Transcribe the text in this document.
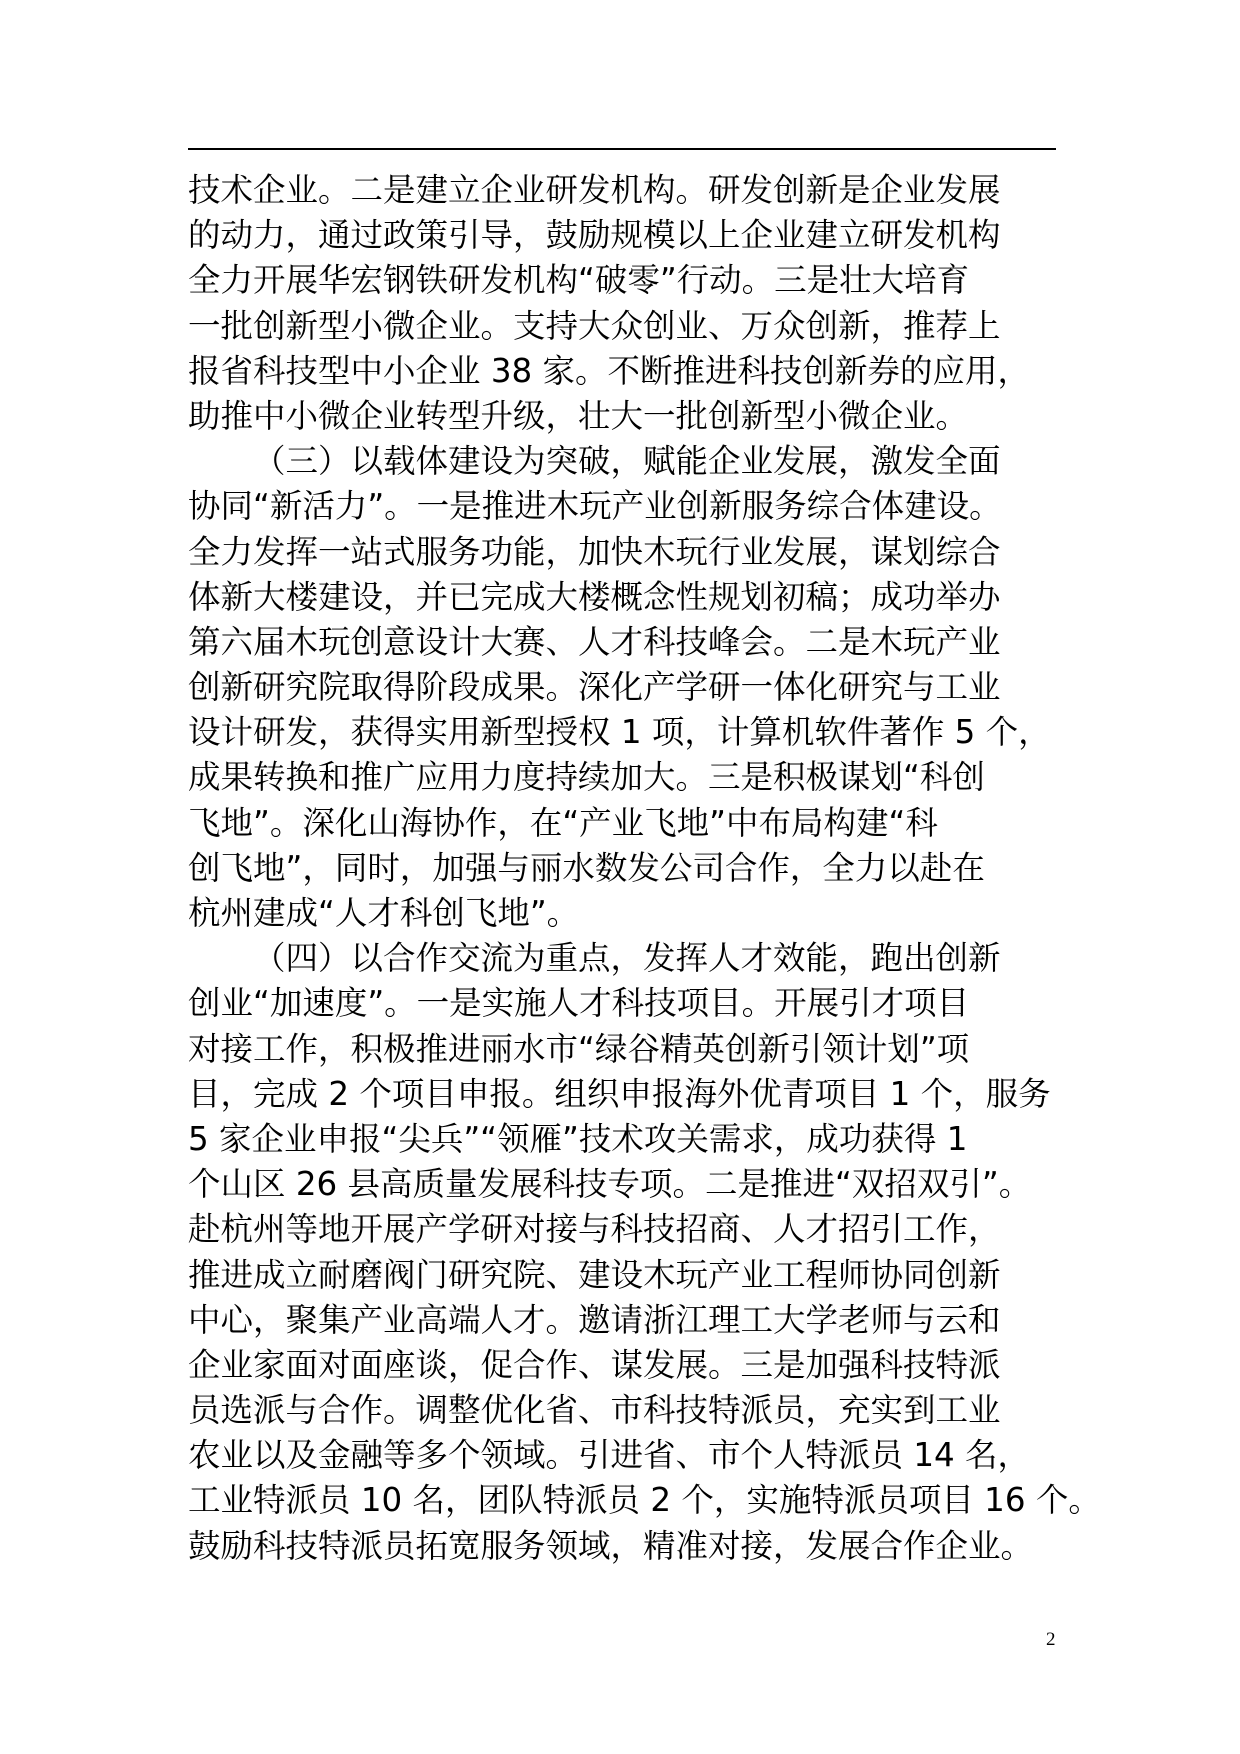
技术企业。二是建立企业研发机构。研发创新是企业发展
的动力，通过政策引导，鼓励规模以上企业建立研发机构
全力开展华宏钢铁研发机构“破零”行动。三是壮大培育
一批创新型小微企业。支持大众创业、万众创新，推荐上
报省科技型中小企业 38 家。不断推进科技创新券的应用，
助推中小微企业转型升级，壮大一批创新型小微企业。
（三）以载体建设为突破，赋能企业发展，激发全面
协同“新活力”。一是推进木玩产业创新服务综合体建设。
全力发挥一站式服务功能，加快木玩行业发展，谋划综合
体新大楼建设，并已完成大楼概念性规划初稿；成功举办
第六届木玩创意设计大赛、人才科技峰会。二是木玩产业
创新研究院取得阶段成果。深化产学研一体化研究与工业
设计研发，获得实用新型授权 1 项，计算机软件著作 5 个，
成果转换和推广应用力度持续加大。三是积极谋划“科创
飞地”。深化山海协作，在“产业飞地”中布局构建“科
创飞地”，同时，加强与丽水数发公司合作，全力以赴在
杭州建成“人才科创飞地”。
（四）以合作交流为重点，发挥人才效能，跑出创新
创业“加速度”。一是实施人才科技项目。开展引才项目
对接工作，积极推进丽水市“绿谷精英创新引领计划”项
目，完成 2 个项目申报。组织申报海外优青项目 1 个，服务
5 家企业申报“尖兵”“领雁”技术攻关需求，成功获得 1
个山区 26 县高质量发展科技专项。二是推进“双招双引”。
赴杭州等地开展产学研对接与科技招商、人才招引工作，
推进成立耐磨阀门研究院、建设木玩产业工程师协同创新
中心，聚集产业高端人才。邀请浙江理工大学老师与云和
企业家面对面座谈，促合作、谋发展。三是加强科技特派
员选派与合作。调整优化省、市科技特派员，充实到工业
农业以及金融等多个领域。引进省、市个人特派员 14 名，
工业特派员 10 名，团队特派员 2 个，实施特派员项目 16 个。
鼓励科技特派员拓宽服务领域，精准对接，发展合作企业。
2
